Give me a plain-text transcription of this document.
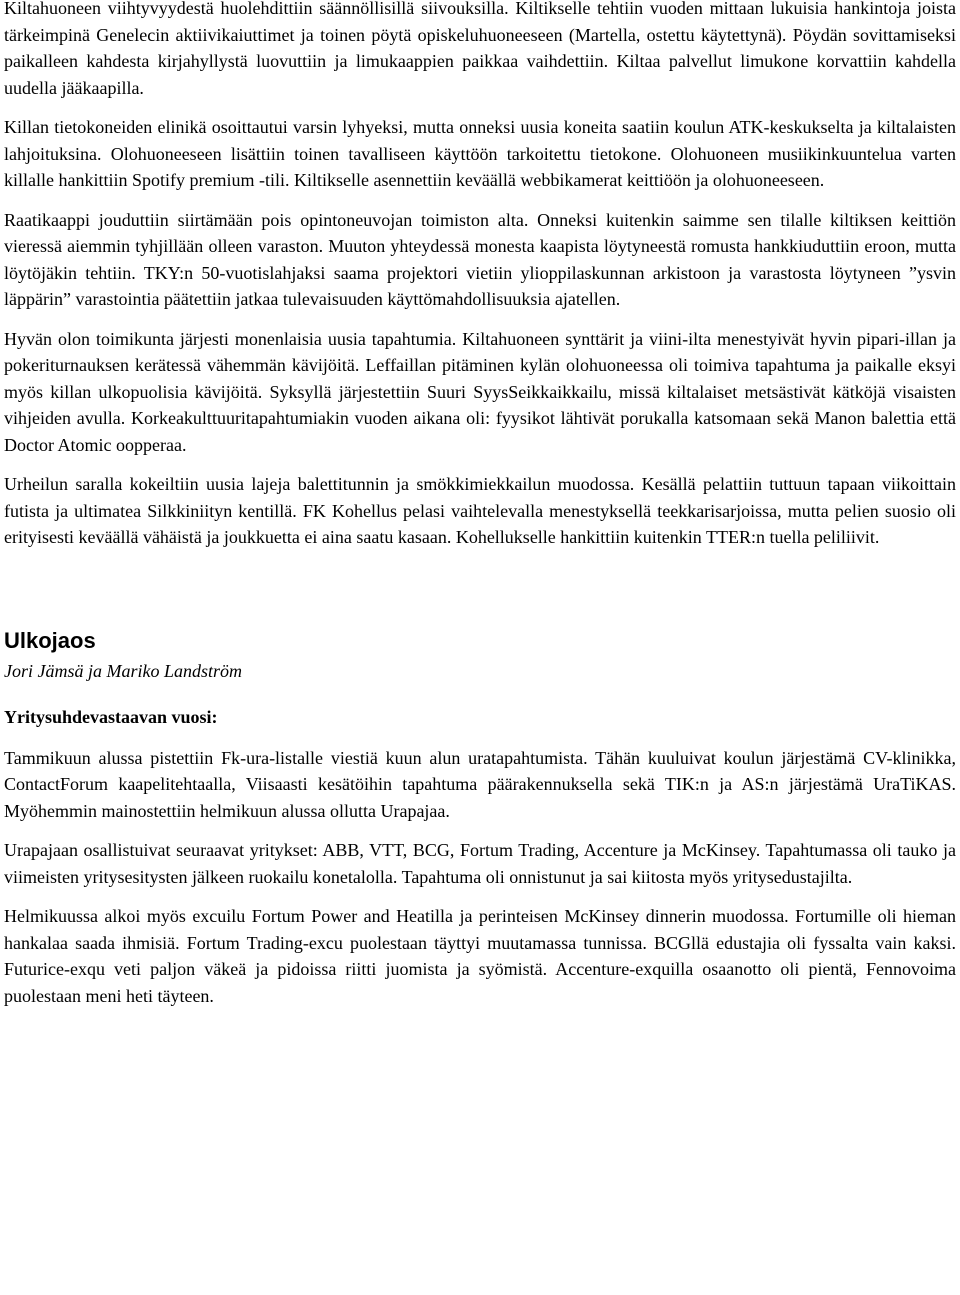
Kiltahuoneen viihtyvyydestä huolehdittiin säännöllisillä siivouksilla. Kiltikselle tehtiin vuoden mittaan lukuisia hankintoja joista tärkeimpinä Genelecin aktiivikaiuttimet ja toinen pöytä opiskeluhuoneeseen (Martella, ostettu käytettynä). Pöydän sovittamiseksi paikalleen kahdesta kirjahyllystä luovuttiin ja limukaappien paikkaa vaihdettiin. Kiltaa palvellut limukone korvattiin kahdella uudella jääkaapilla.

Killan tietokoneiden elinikä osoittautui varsin lyhyeksi, mutta onneksi uusia koneita saatiin koulun ATK-keskukselta ja kiltalaisten lahjoituksina. Olohuoneeseen lisättiin toinen tavalliseen käyttöön tarkoitettu tietokone. Olohuoneen musiikinkuuntelua varten killalle hankittiin Spotify premium -tili. Kiltikselle asennettiin keväällä webbikamerat keittiöön ja olohuoneeseen.

Raatikaappi jouduttiin siirtämään pois opintoneuvojan toimiston alta. Onneksi kuitenkin saimme sen tilalle kiltiksen keittiön vieressä aiemmin tyhjillään olleen varaston. Muuton yhteydessä monesta kaapista löytyneestä romusta hankkiuduttiin eroon, mutta löytöjäkin tehtiin. TKY:n 50-vuotislahjaksi saama projektori vietiin ylioppilaskunnan arkistoon ja varastosta löytyneen ”ysvin läppärin” varastointia päätettiin jatkaa tulevaisuuden käyttömahdollisuuksia ajatellen.

Hyvän olon toimikunta järjesti monenlaisia uusia tapahtumia. Kiltahuoneen synttärit ja viini-ilta menestyivät hyvin pipari-illan ja pokeriturnauksen kerätessä vähemmän kävijöitä. Leffaillan pitäminen kylän olohuoneessa oli toimiva tapahtuma ja paikalle eksyi myös killan ulkopuolisia kävijöitä. Syksyllä järjestettiin Suuri SyysSeikkaikkailu, missä kiltalaiset metsästivät kätköjä visaisten vihjeiden avulla. Korkeakulttuuritapahtumiakin vuoden aikana oli: fyysikot lähtivät porukalla katsomaan sekä Manon balettia että Doctor Atomic oopperaa.

Urheilun saralla kokeiltiin uusia lajeja balettitunnin ja smökkimiekkailun muodossa. Kesällä pelattiin tuttuun tapaan viikoittain futista ja ultimatea Silkkiniityn kentillä. FK Kohellus pelasi vaihtelevalla menestyksellä teekkarisarjoissa, mutta pelien suosio oli erityisesti keväällä vähäistä ja joukkuetta ei aina saatu kasaan. Kohellukselle hankittiin kuitenkin TTER:n tuella peliliivit.

Ulkojaos

Jori Jämsä ja Mariko Landström

Yritysuhdevastaavan vuosi:

Tammikuun alussa pistettiin Fk-ura-listalle viestiä kuun alun uratapahtumista. Tähän kuuluivat koulun järjestämä CV-klinikka, ContactForum kaapelitehtaalla, Viisaasti kesätöihin tapahtuma päärakennuksella sekä TIK:n ja AS:n järjestämä UraTiKAS. Myöhemmin mainostettiin helmikuun alussa ollutta Urapajaa.

Urapajaan osallistuivat seuraavat yritykset: ABB, VTT, BCG, Fortum Trading, Accenture ja McKinsey. Tapahtumassa oli tauko ja viimeisten yritysesitysten jälkeen ruokailu konetalolla. Tapahtuma oli onnistunut ja sai kiitosta myös yritysedustajilta.

Helmikuussa alkoi myös excuilu Fortum Power and Heatilla ja perinteisen McKinsey dinnerin muodossa. Fortumille oli hieman hankalaa saada ihmisiä. Fortum Trading-excu puolestaan täyttyi muutamassa tunnissa. BCGllä edustajia oli fyssalta vain kaksi. Futurice-exqu veti paljon väkeä ja pidoissa riitti juomista ja syömistä. Accenture-exquilla osaanotto oli pientä, Fennovoima puolestaan meni heti täyteen.
